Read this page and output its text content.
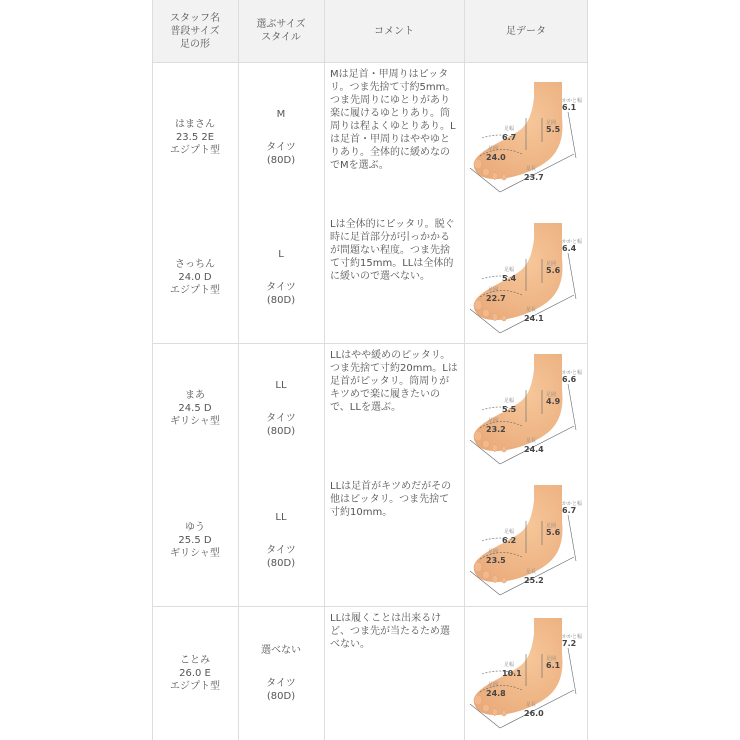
スタッフ名
普段サイズ
足の形
選ぶサイズ
スタイル
コメント	足データ
はまさん
23.5 2E
エジプト型
M
タイツ
(80D)
Mは足首・甲周りはピッタリ。つま先捨て寸約5mm。つま先周りにゆとりがあり楽に履けるゆとりあり。筒周りは程よくゆとりあり。Lは足首・甲周りはややゆとりあり。全体的に緩めなのでMを選ぶ。
足幅
6.7
かかと幅
6.1
足囲
5.5
足囲
24.0
足長
23.7
さっちん
24.0 D
エジプト型
L
タイツ
(80D)
Lは全体的にピッタリ。脱ぐ時に足首部分が引っかかるが問題ない程度。つま先捨て寸約15mm。LLは全体的に緩いので選べない。
足幅
5.4
かかと幅
6.4
足囲
5.6
足囲
22.7
足長
24.1
まあ
24.5 D
ギリシャ型
LL
タイツ
(80D)
LLはやや緩めのピッタリ。つま先捨て寸約20mm。Lは足首がピッタリ。筒周りがキツめで楽に履きたいので、LLを選ぶ。
足幅
5.5
かかと幅
6.6
足囲
4.9
足囲
23.2
足長
24.4
ゆう
25.5 D
ギリシャ型
LL
タイツ
(80D)
LLは足首がキツめだがその他はピッタリ。つま先捨て寸約10mm。
足幅
6.2
かかと幅
6.7
足囲
5.6
足囲
23.5
足長
25.2
ことみ
26.0 E
エジプト型
選べない
タイツ
(80D)
LLは履くことは出来るけど、つま先が当たるため選べない。
足幅
10.1
かかと幅
7.2
足囲
6.1
足囲
24.8
足長
26.0
